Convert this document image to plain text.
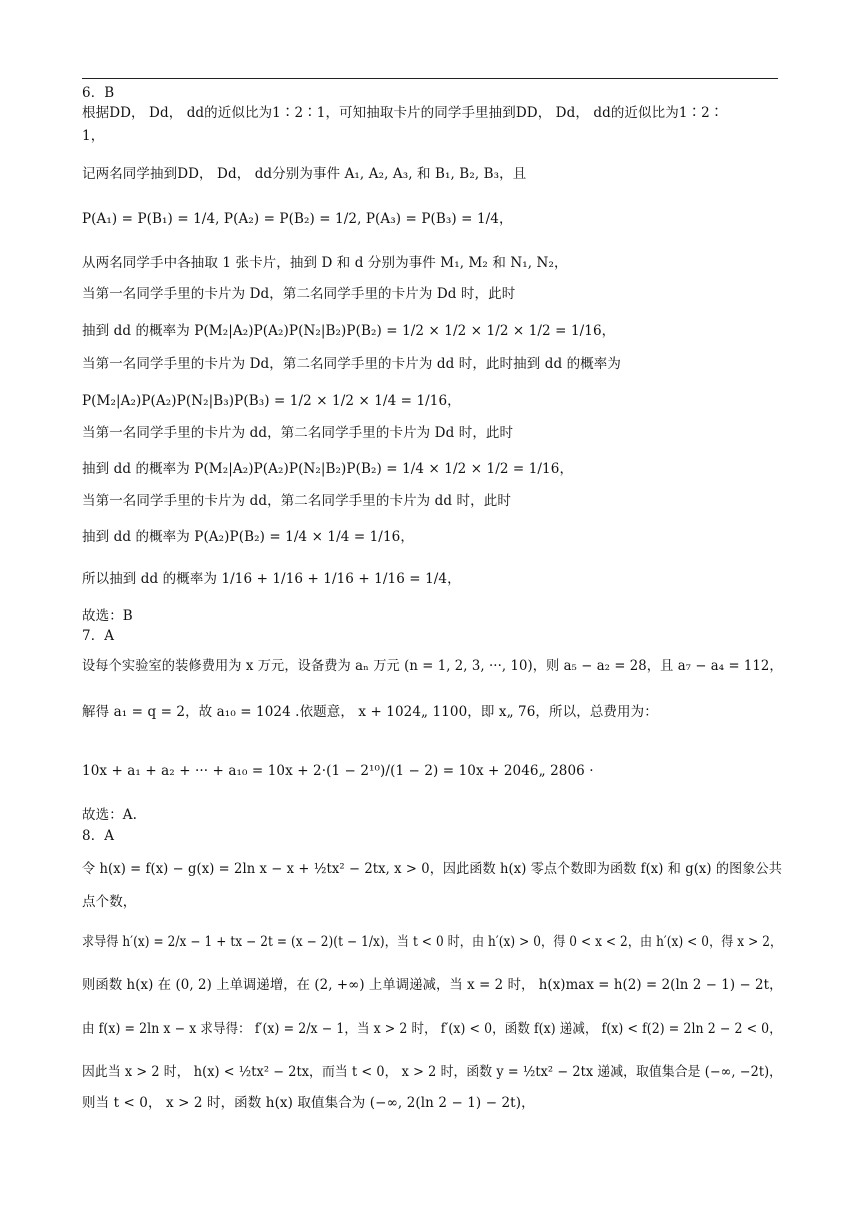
6．B
根据DD， Dd， dd的近似比为1∶2∶1，可知抽取卡片的同学手里抽到DD， Dd， dd的近似比为1∶2∶
1，
记两名同学抽到DD， Dd， dd分别为事件 A₁, A₂, A₃, 和 B₁, B₂, B₃，且
P(A₁) = P(B₁) = 1/4, P(A₂) = P(B₂) = 1/2, P(A₃) = P(B₃) = 1/4，
从两名同学手中各抽取 1 张卡片，抽到 D 和 d 分别为事件 M₁, M₂ 和 N₁, N₂，
当第一名同学手里的卡片为 Dd，第二名同学手里的卡片为 Dd 时，此时
抽到 dd 的概率为 P(M₂|A₂)P(A₂)P(N₂|B₂)P(B₂) = 1/2 × 1/2 × 1/2 × 1/2 = 1/16，
当第一名同学手里的卡片为 Dd，第二名同学手里的卡片为 dd 时，此时抽到 dd 的概率为
P(M₂|A₂)P(A₂)P(N₂|B₃)P(B₃) = 1/2 × 1/2 × 1/4 = 1/16，
当第一名同学手里的卡片为 dd，第二名同学手里的卡片为 Dd 时，此时
抽到 dd 的概率为 P(M₂|A₂)P(A₂)P(N₂|B₂)P(B₂) = 1/4 × 1/2 × 1/2 = 1/16，
当第一名同学手里的卡片为 dd，第二名同学手里的卡片为 dd 时，此时
抽到 dd 的概率为 P(A₂)P(B₂) = 1/4 × 1/4 = 1/16，
所以抽到 dd 的概率为 1/16 + 1/16 + 1/16 + 1/16 = 1/4，
故选：B
7．A
设每个实验室的装修费用为 x 万元，设备费为 aₙ 万元 (n = 1, 2, 3, ···, 10)，则 a₅ − a₂ = 28，且 a₇ − a₄ = 112，
解得 a₁ = q = 2，故 a₁₀ = 1024 .依题意， x + 1024„ 1100，即 x„ 76，所以，总费用为：
10x + a₁ + a₂ + ··· + a₁₀ = 10x + 2·(1 − 2¹⁰)/(1 − 2) = 10x + 2046„ 2806 ·
故选：A.
8．A
令 h(x) = f(x) − g(x) = 2ln x − x + ½tx² − 2tx, x > 0，因此函数 h(x) 零点个数即为函数 f(x) 和 g(x) 的图象公共
点个数，
求导得 h′(x) = 2/x − 1 + tx − 2t = (x − 2)(t − 1/x)，当 t < 0 时，由 h′(x) > 0，得 0 < x < 2，由 h′(x) < 0，得 x > 2，
则函数 h(x) 在 (0, 2) 上单调递增，在 (2, +∞) 上单调递减，当 x = 2 时， h(x)max = h(2) = 2(ln 2 − 1) − 2t，
由 f(x) = 2ln x − x 求导得： f′(x) = 2/x − 1，当 x > 2 时， f′(x) < 0，函数 f(x) 递减， f(x) < f(2) = 2ln 2 − 2 < 0，
因此当 x > 2 时， h(x) < ½tx² − 2tx，而当 t < 0， x > 2 时，函数 y = ½tx² − 2tx 递减，取值集合是 (−∞, −2t)，
则当 t < 0， x > 2 时，函数 h(x) 取值集合为 (−∞, 2(ln 2 − 1) − 2t)，
